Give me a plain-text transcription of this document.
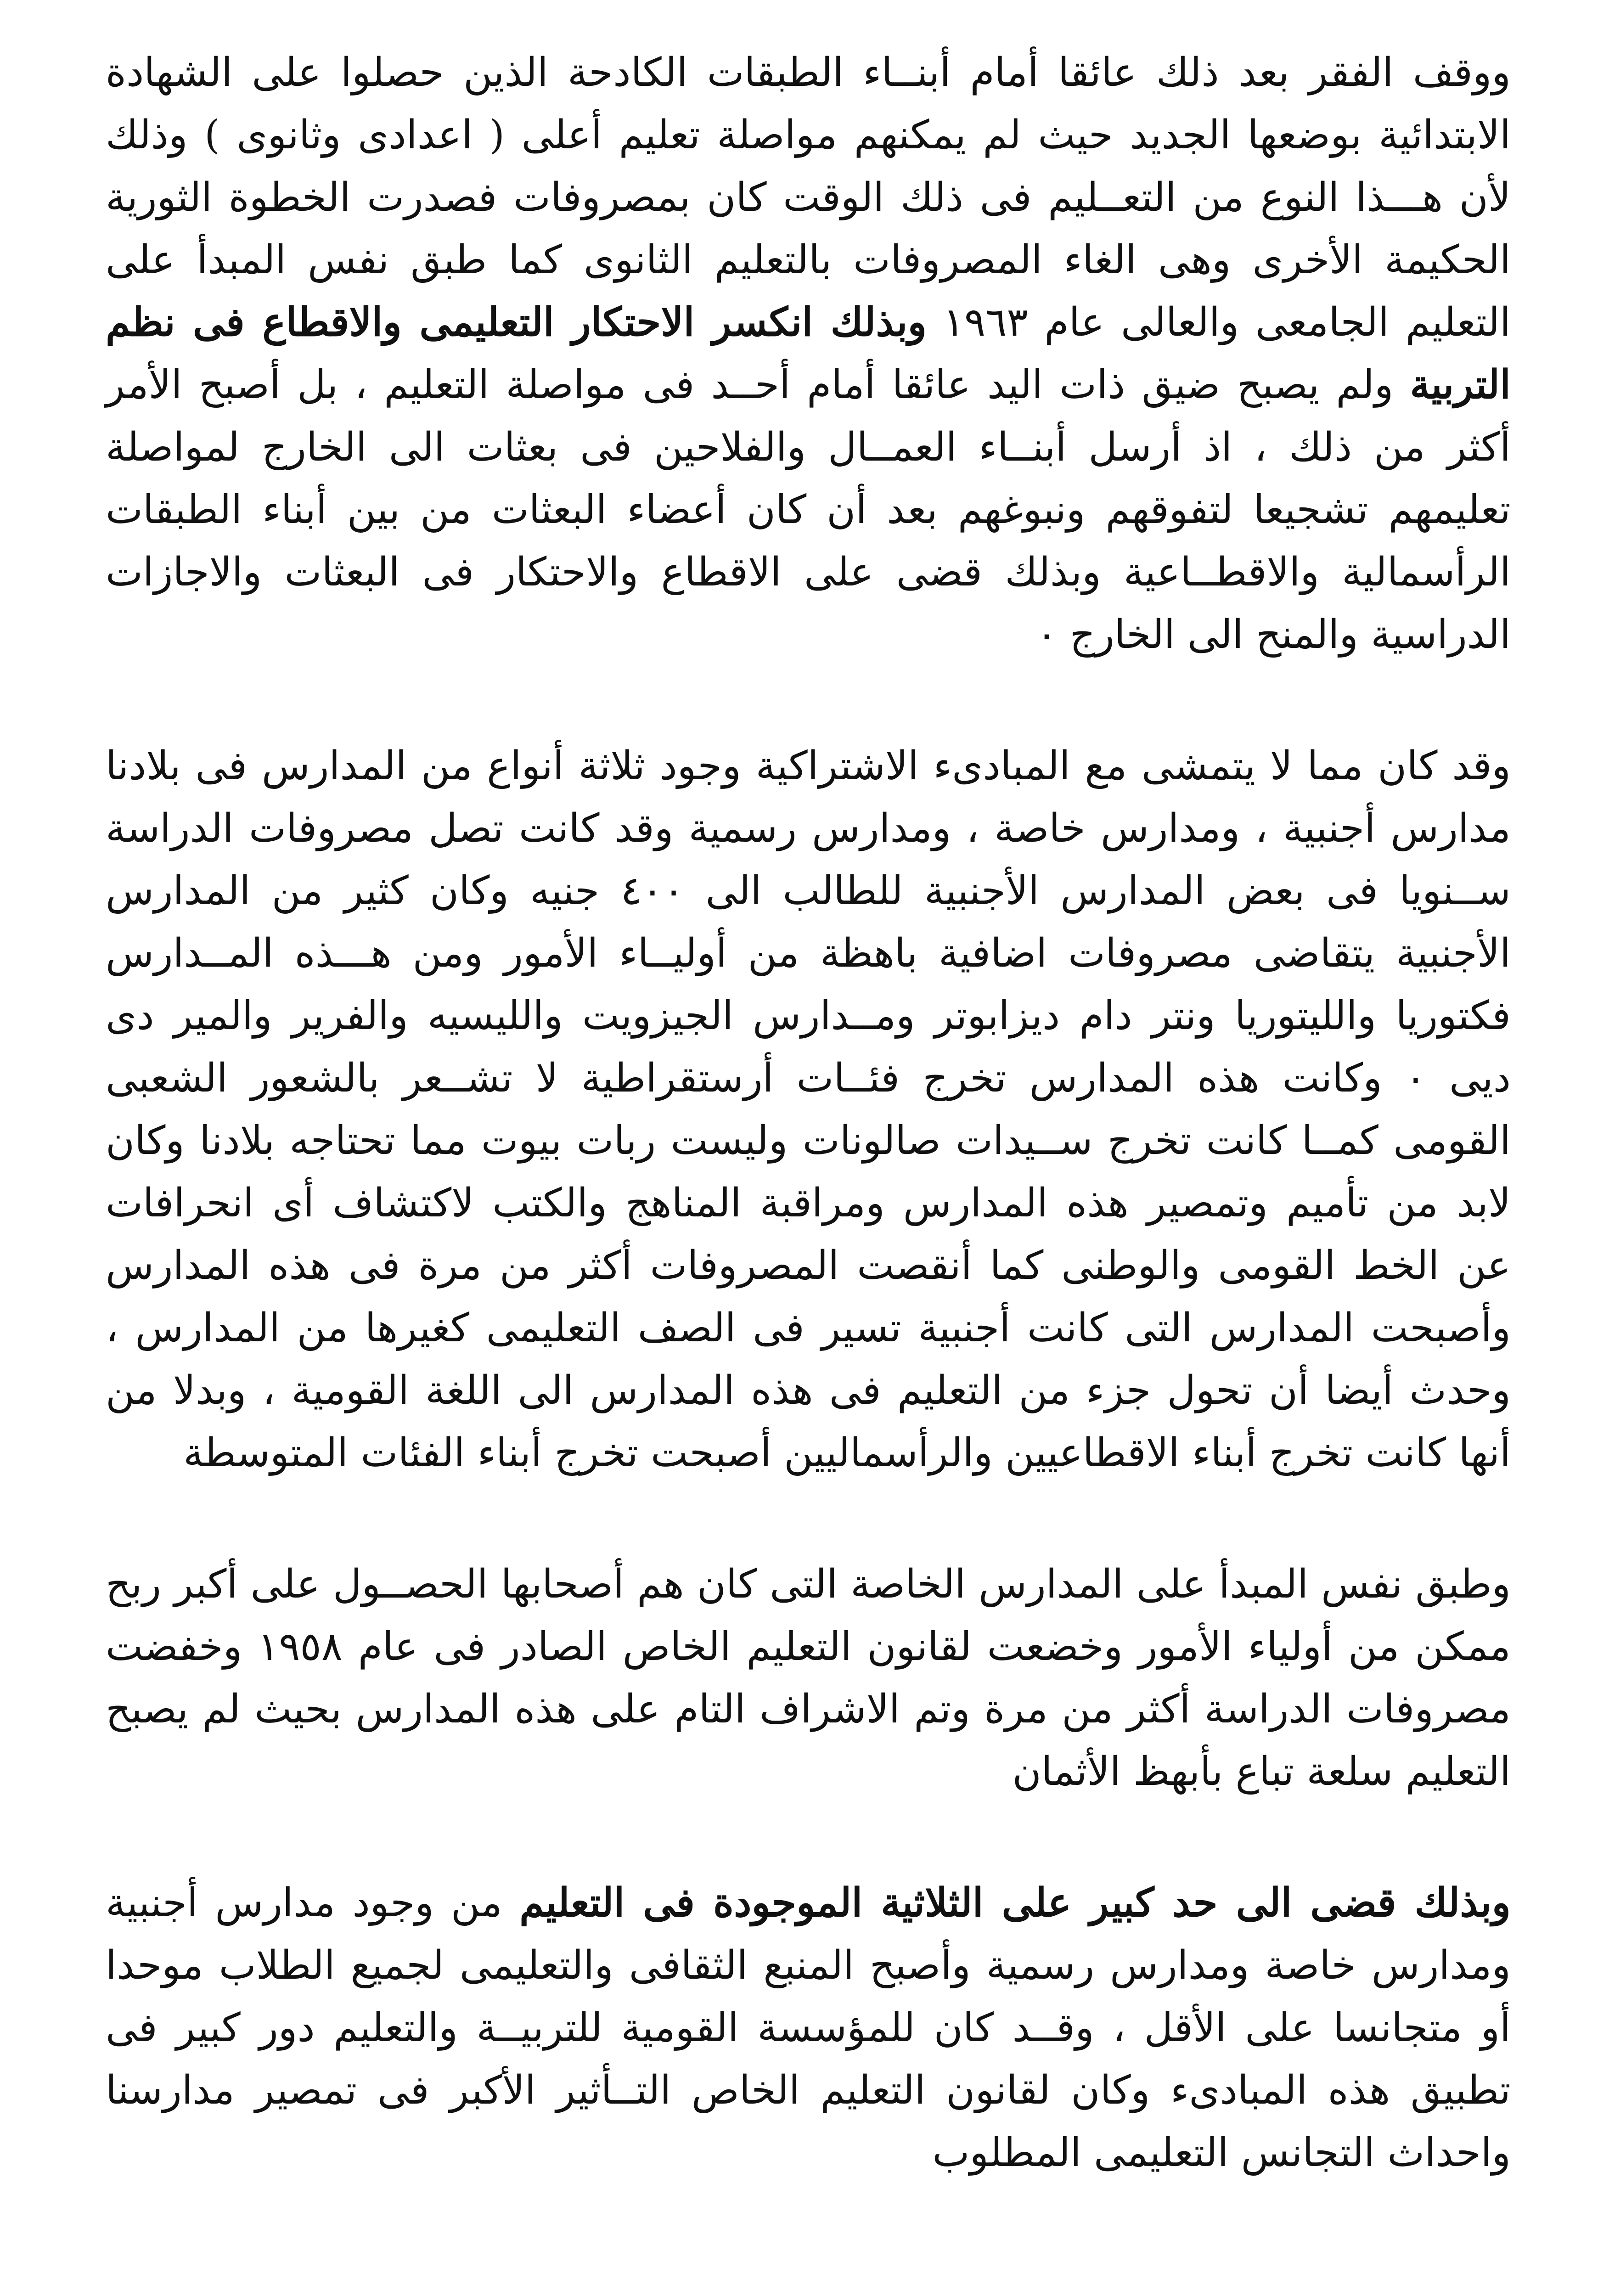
ووقف الفقر بعد ذلك عائقا أمام أبنــاء الطبقات الكادحة الذين حصلوا على الشهادة الابتدائية بوضعها الجديد حيث لم يمكنهم مواصلة تعليم أعلى ( اعدادى وثانوى ) وذلك لأن هـــذا النوع من التعــليم فى ذلك الوقت كان بمصروفات فصدرت الخطوة الثورية الحكيمة الأخرى وهى الغاء المصروفات بالتعليم الثانوى كما طبق نفس المبدأ على التعليم الجامعى والعالى عام ١٩٦٣ وبذلك انكسر الاحتكار التعليمى والاقطاع فى نظم التربية ولم يصبح ضيق ذات اليد عائقا أمام أحــد فى مواصلة التعليم ، بل أصبح الأمر أكثر من ذلك ، اذ أرسل أبنــاء العمــال والفلاحين فى بعثات الى الخارج لمواصلة تعليمهم تشجيعا لتفوقهم ونبوغهم بعد أن كان أعضاء البعثات من بين أبناء الطبقات الرأسمالية والاقطــاعية وبذلك قضى على الاقطاع والاحتكار فى البعثات والاجازات الدراسية والمنح الى الخارج ٠

وقد كان مما لا يتمشى مع المبادىء الاشتراكية وجود ثلاثة أنواع من المدارس فى بلادنا مدارس أجنبية ، ومدارس خاصة ، ومدارس رسمية وقد كانت تصل مصروفات الدراسة ســنويا فى بعض المدارس الأجنبية للطالب الى ٤٠٠ جنيه وكان كثير من المدارس الأجنبية يتقاضى مصروفات اضافية باهظة من أوليــاء الأمور ومن هـــذه المــدارس فكتوريا والليتوريا ونتر دام ديزابوتر ومــدارس الجيزويت والليسيه والفرير والمير دى ديى ٠ وكانت هذه المدارس تخرج فئــات أرستقراطية لا تشــعر بالشعور الشعبى القومى كمــا كانت تخرج ســيدات صالونات وليست ربات بيوت مما تحتاجه بلادنا وكان لابد من تأميم وتمصير هذه المدارس ومراقبة المناهج والكتب لاكتشاف أى انحرافات عن الخط القومى والوطنى كما أنقصت المصروفات أكثر من مرة فى هذه المدارس وأصبحت المدارس التى كانت أجنبية تسير فى الصف التعليمى كغيرها من المدارس ، وحدث أيضا أن تحول جزء من التعليم فى هذه المدارس الى اللغة القومية ، وبدلا من أنها كانت تخرج أبناء الاقطاعيين والرأسماليين أصبحت تخرج أبناء الفئات المتوسطة

وطبق نفس المبدأ على المدارس الخاصة التى كان هم أصحابها الحصــول على أكبر ربح ممكن من أولياء الأمور وخضعت لقانون التعليم الخاص الصادر فى عام ١٩٥٨ وخفضت مصروفات الدراسة أكثر من مرة وتم الاشراف التام على هذه المدارس بحيث لم يصبح التعليم سلعة تباع بأبهظ الأثمان

وبذلك قضى الى حد كبير على الثلاثية الموجودة فى التعليم من وجود مدارس أجنبية ومدارس خاصة ومدارس رسمية وأصبح المنبع الثقافى والتعليمى لجميع الطلاب موحدا أو متجانسا على الأقل ، وقــد كان للمؤسسة القومية للتربيــة والتعليم دور كبير فى تطبيق هذه المبادىء وكان لقانون التعليم الخاص التــأثير الأكبر فى تمصير مدارسنا واحداث التجانس التعليمى المطلوب
